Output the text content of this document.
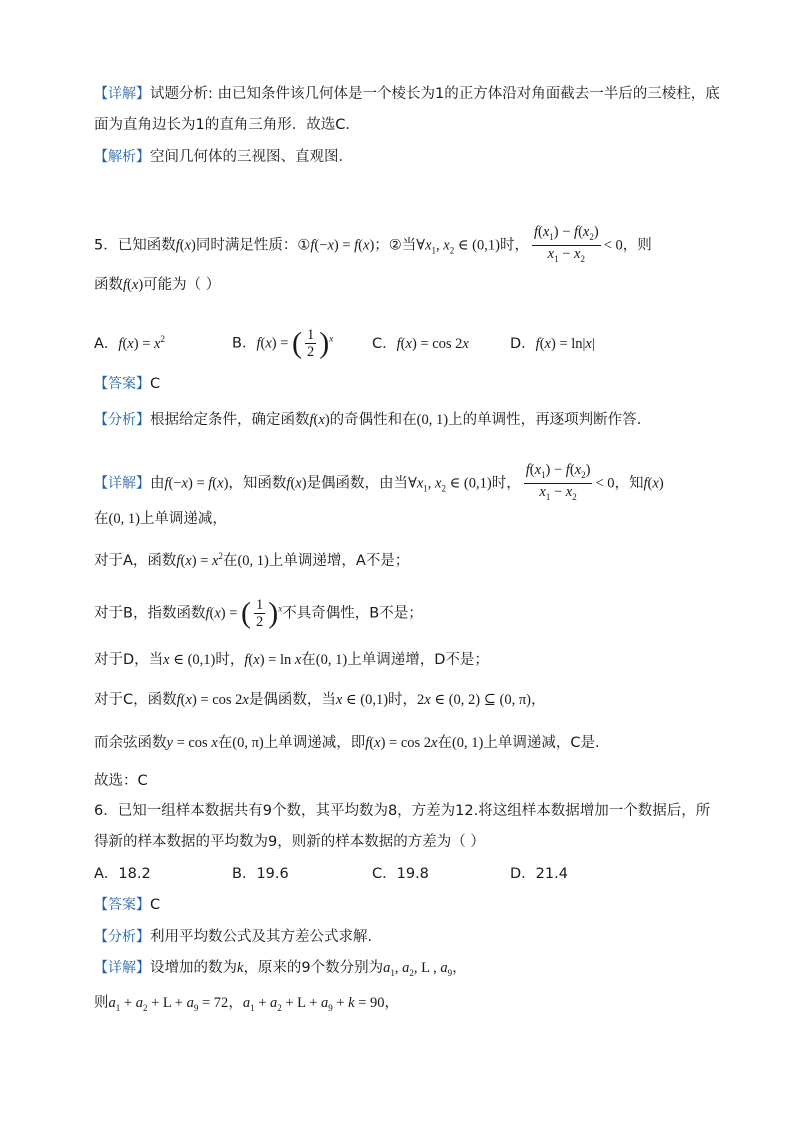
【详解】试题分析: 由已知条件该几何体是一个棱长为1的正方体沿对角面截去一半后的三棱柱，底
面为直角边长为1的直角三角形．故选C．
【解析】空间几何体的三视图、直观图．
5．已知函数f(x)同时满足性质：①f(−x) = f(x)；②当$\forall x_1$, $x_2$ ∈ (0,1)时， $\frac{f(x_1) - f(x_2)}{x_1 - x_2} < 0$，则
函数f(x)可能为（ ）
A．$f(x) = x^2$	B．f(x) = ( $\frac{1}{2} )^x$	C．f(x) = cos 2x	D．f(x) = ln|x|
【答案】C
【分析】根据给定条件，确定函数f(x)的奇偶性和在(0, 1)上的单调性，再逐项判断作答.
【详解】由f(−x) = f(x)，知函数f(x)是偶函数，由当$\forall x_1$, $x_2$ ∈ (0,1)时， $\frac{f(x_1) - f(x_2)}{x_1 - x_2} < 0$，知f(x)
在(0, 1)上单调递减，
对于A，函数$f(x) = x^2$在(0, 1)上单调递增，A不是；
对于B，指数函数f(x) = ( $\frac{1}{2} )^x$不具奇偶性，B不是；
对于D，当x ∈ (0,1)时，f(x) = ln x在(0, 1)上单调递增，D不是；
对于C，函数f(x) = cos 2x是偶函数，当x ∈ (0,1)时，2x ∈ (0, 2) ⊆ (0, π)，
而余弦函数y = cos x在(0, π)上单调递减，即f(x) = cos 2x在(0, 1)上单调递减，C是.
故选：C
6．已知一组样本数据共有9个数，其平均数为8，方差为12.将这组样本数据增加一个数据后，所
得新的样本数据的平均数为9，则新的样本数据的方差为（ ）
A．18.2	B．19.6	C．19.8	D．21.4
【答案】C
【分析】利用平均数公式及其方差公式求解.
【详解】设增加的数为k，原来的9个数分别为$a_1$, $a_2$, L , $a_9$，
则$a_1 + a_2 + L + a_9 = 72$，$a_1 + a_2 + L + a_9 + k = 90$，
